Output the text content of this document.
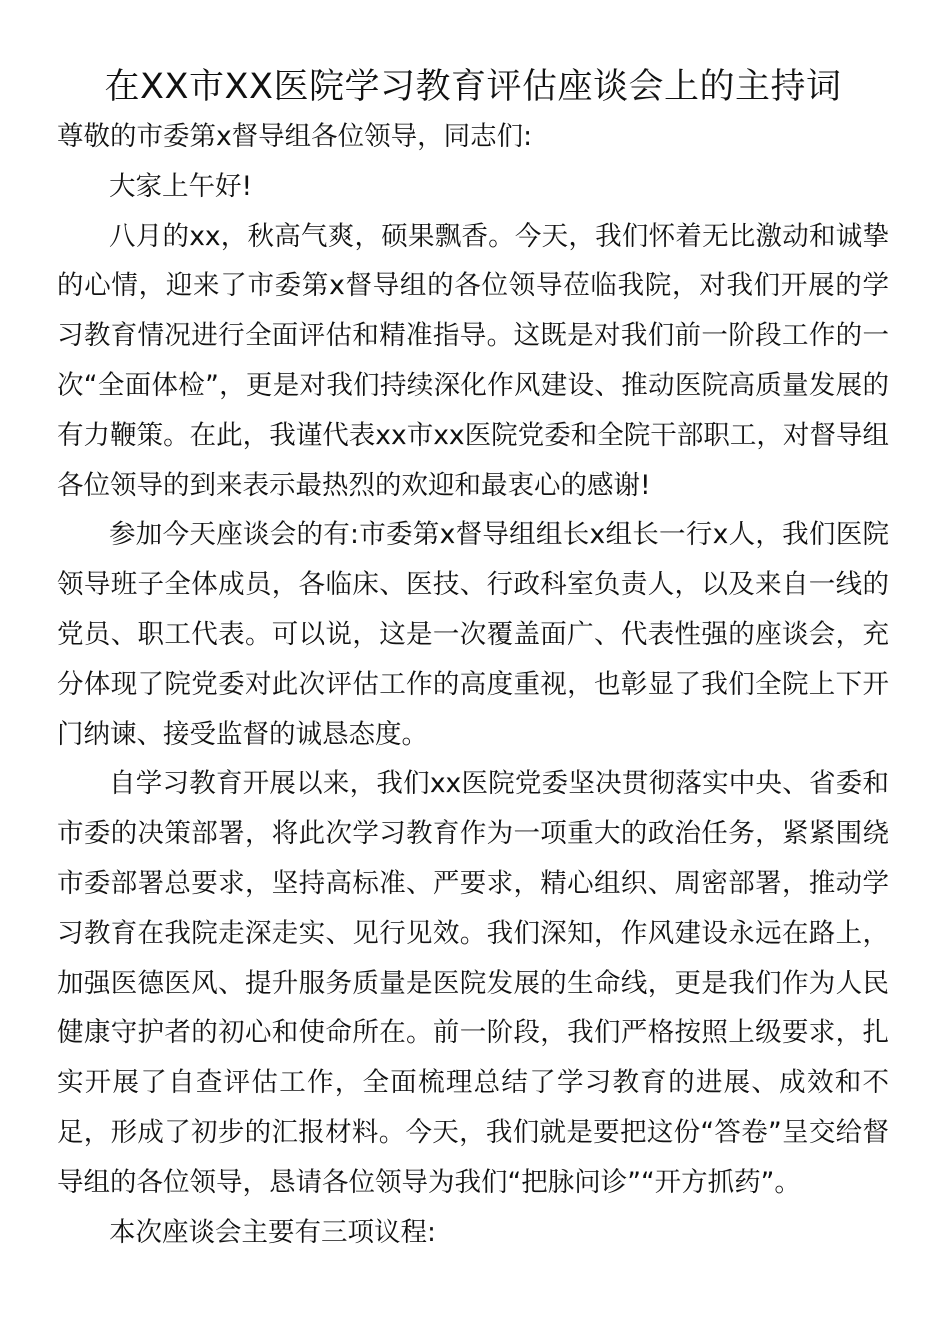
在XX市XX医院学习教育评估座谈会上的主持词

尊敬的市委第x督导组各位领导，同志们:

大家上午好!

八月的xx，秋高气爽，硕果飘香。今天，我们怀着无比激动和诚挚的心情，迎来了市委第x督导组的各位领导莅临我院，对我们开展的学习教育情况进行全面评估和精准指导。这既是对我们前一阶段工作的一次“全面体检”，更是对我们持续深化作风建设、推动医院高质量发展的有力鞭策。在此，我谨代表xx市xx医院党委和全院干部职工，对督导组各位领导的到来表示最热烈的欢迎和最衷心的感谢!

参加今天座谈会的有:市委第x督导组组长x组长一行x人，我们医院领导班子全体成员，各临床、医技、行政科室负责人，以及来自一线的党员、职工代表。可以说，这是一次覆盖面广、代表性强的座谈会，充分体现了院党委对此次评估工作的高度重视，也彰显了我们全院上下开门纳谏、接受监督的诚恳态度。

自学习教育开展以来，我们xx医院党委坚决贯彻落实中央、省委和市委的决策部署，将此次学习教育作为一项重大的政治任务，紧紧围绕市委部署总要求，坚持高标准、严要求，精心组织、周密部署，推动学习教育在我院走深走实、见行见效。我们深知，作风建设永远在路上，加强医德医风、提升服务质量是医院发展的生命线，更是我们作为人民健康守护者的初心和使命所在。前一阶段，我们严格按照上级要求，扎实开展了自查评估工作，全面梳理总结了学习教育的进展、成效和不足，形成了初步的汇报材料。今天，我们就是要把这份“答卷”呈交给督导组的各位领导，恳请各位领导为我们“把脉问诊”“开方抓药”。

本次座谈会主要有三项议程:
